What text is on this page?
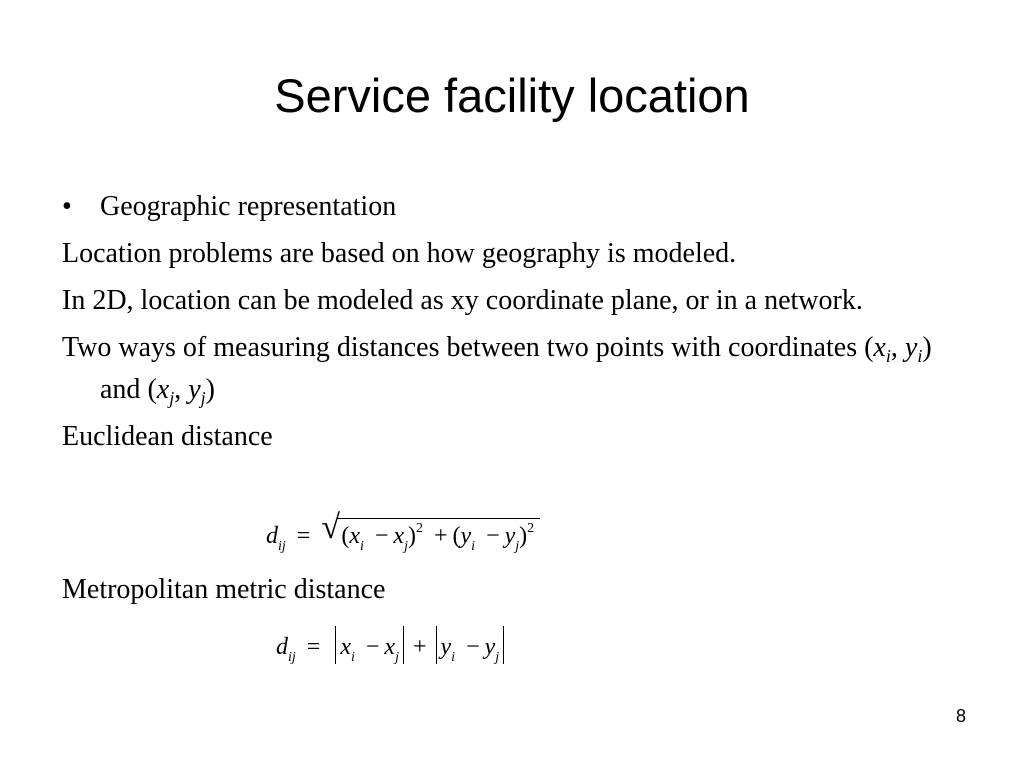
Service facility location

• Geographic representation

Location problems are based on how geography is modeled.

In 2D, location can be modeled as xy coordinate plane, or in a network.

Two ways of measuring distances between two points with coordinates ($x_i$, $y_i$) and ($x_j$, $y_j$)

Euclidean distance

$d_{ij}$ = √ $(x_i - x_j)^2 + (y_i - y_j)^2$

Metropolitan metric distance

$d_{ij} = x_i - x_j + y_i - y_j$
8
